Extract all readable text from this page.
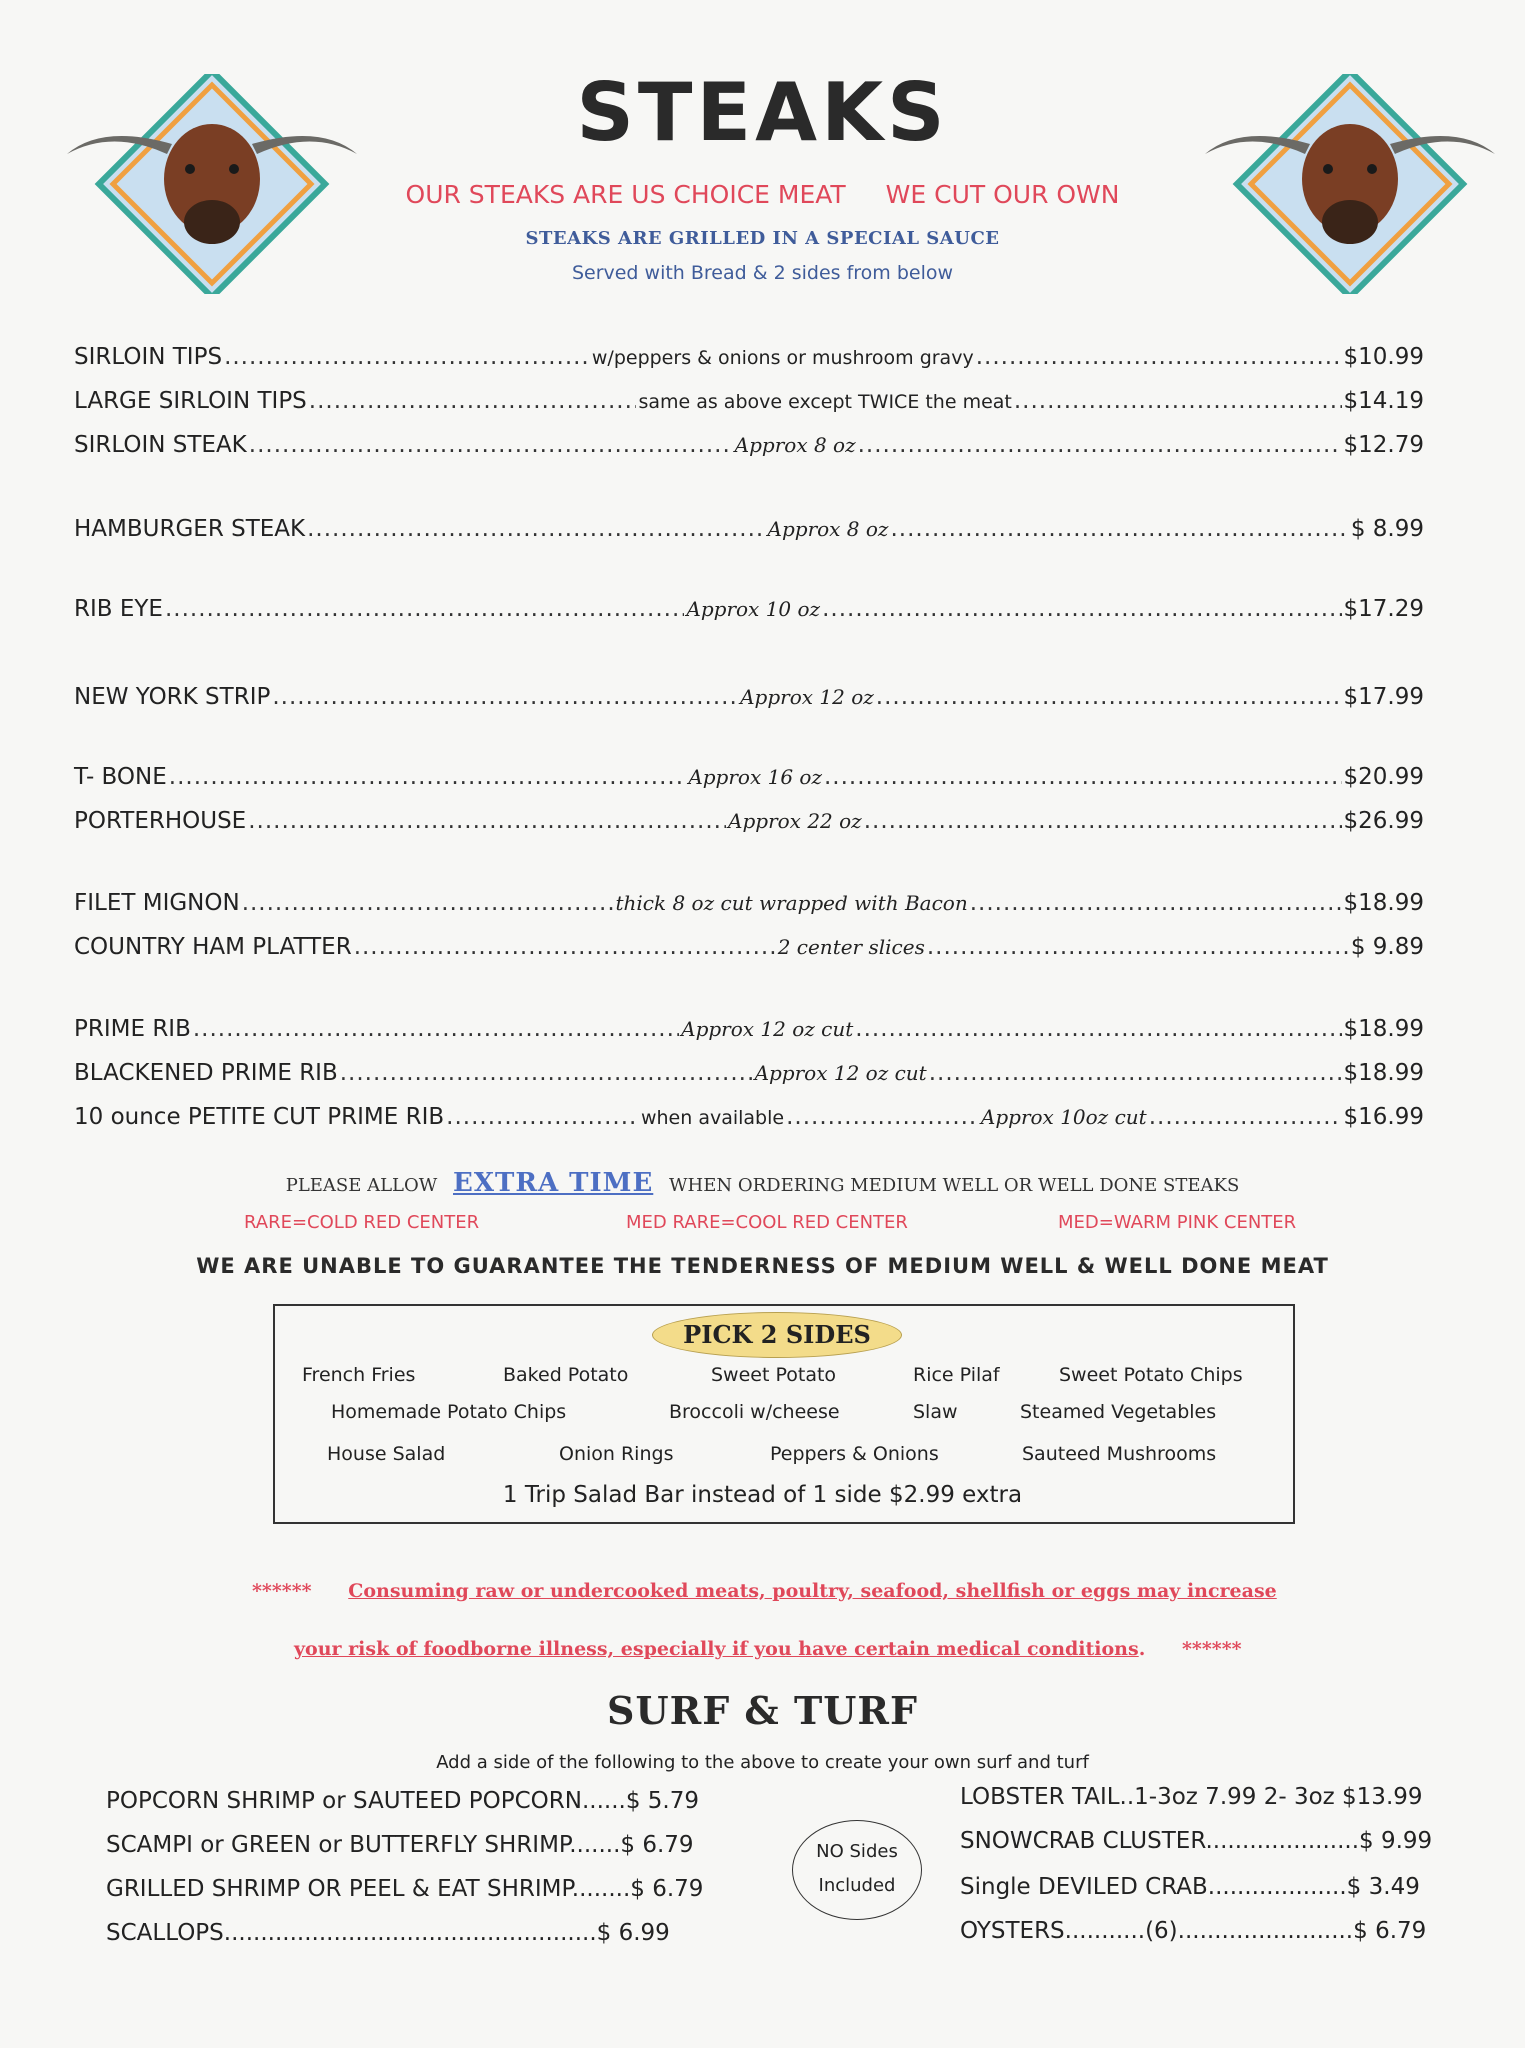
STEAKS
OUR STEAKS ARE US CHOICE MEAT WE CUT OUR OWN
STEAKS ARE GRILLED IN A SPECIAL SAUCE
Served with Bread & 2 sides from below
SIRLOIN TIPS .....	w/peppers & onions or mushroom gravy .....	$10.99
LARGE SIRLOIN TIPS .....	same as above except TWICE the meat .....	$14.19
SIRLOIN STEAK .....	Approx 8 oz .....	$12.79
HAMBURGER STEAK .....	Approx 8 oz .....	$ 8.99
RIB EYE .....	Approx 10 oz .....	$17.29
NEW YORK STRIP .....	Approx 12 oz .....	$17.99
T- BONE .....	Approx 16 oz .....	$20.99
PORTERHOUSE .....	Approx 22 oz .....	$26.99
FILET MIGNON .....	thick 8 oz cut wrapped with Bacon .....	$18.99
COUNTRY HAM PLATTER .....	2 center slices .....	$ 9.89
PRIME RIB .....	Approx 12 oz cut .....	$18.99
BLACKENED PRIME RIB .....	Approx 12 oz cut .....	$18.99
10 ounce PETITE CUT PRIME RIB .....	when available .....	Approx 10oz cut .....	$16.99
PLEASE ALLOW EXTRA TIME WHEN ORDERING MEDIUM WELL OR WELL DONE STEAKS
RARE=COLD RED CENTER	MED RARE=COOL RED CENTER	MED=WARM PINK CENTER
WE ARE UNABLE TO GUARANTEE THE TENDERNESS OF MEDIUM WELL & WELL DONE MEAT
PICK 2 SIDES
French Fries	Baked Potato	Sweet Potato	Rice Pilaf	Sweet Potato Chips
Homemade Potato Chips	Broccoli w/cheese	Slaw	Steamed Vegetables
House Salad	Onion Rings	Peppers & Onions	Sauteed Mushrooms
1 Trip Salad Bar instead of 1 side $2.99 extra
****** Consuming raw or undercooked meats, poultry, seafood, shellfish or eggs may increase
your risk of foodborne illness, especially if you have certain medical conditions. ******
SURF & TURF
Add a side of the following to the above to create your own surf and turf
POPCORN SHRIMP or SAUTEED POPCORN......$ 5.79
SCAMPI or GREEN or BUTTERFLY SHRIMP.......$ 6.79
GRILLED SHRIMP OR PEEL & EAT SHRIMP........$ 6.79
SCALLOPS...................................................$ 6.99
NO Sides
Included
LOBSTER TAIL..1-3oz 7.99 2- 3oz $13.99
SNOWCRAB CLUSTER.....................$ 9.99
Single DEVILED CRAB...................$ 3.49
OYSTERS...........(6)........................$ 6.79
